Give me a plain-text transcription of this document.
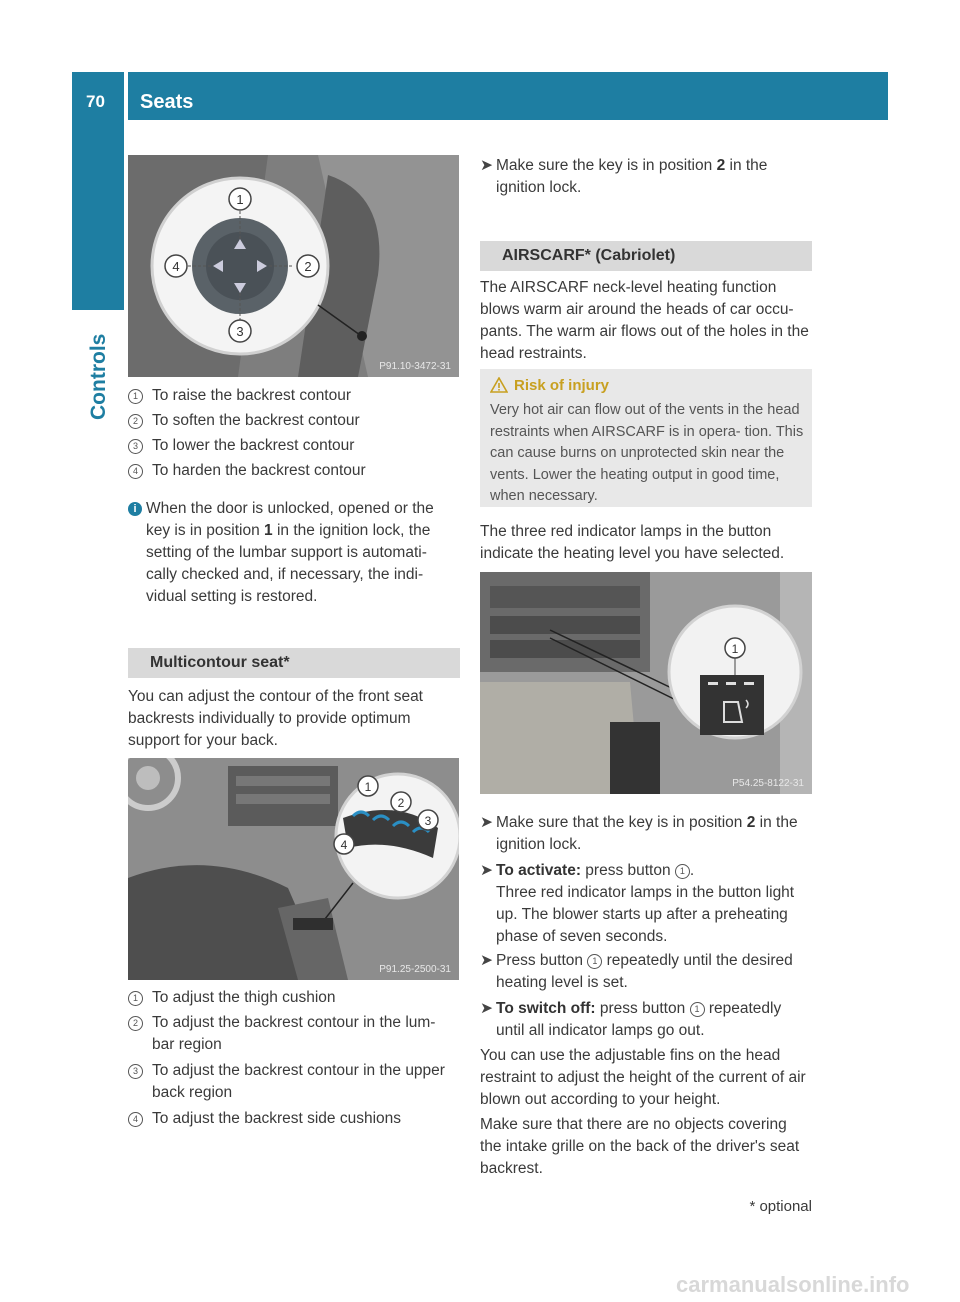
70 Seats
Controls
1
2
3
4
P91.10-3472-31
1 To raise the backrest contour
2 To soften the backrest contour
3 To lower the backrest contour
4 To harden the backrest contour
i When the door is unlocked, opened or the
key is in position 1 in the ignition lock, the
setting of the lumbar support is automati-
cally checked and, if necessary, the indi-
vidual setting is restored.
Multicontour seat*
You can adjust the contour of the front seat backrests individually to provide optimum support for your back.
1
2
3
4
P91.25-2500-31
1 To adjust the thigh cushion
2 To adjust the backrest contour in the lum- bar region
3 To adjust the backrest contour in the upper back region
4 To adjust the backrest side cushions
➤ Make sure the key is in position 2 in the ignition lock.
AIRSCARF* (Cabriolet)
The AIRSCARF neck-level heating function blows warm air around the heads of car occu- pants. The warm air flows out of the holes in the head restraints.
Risk of injury
Very hot air can flow out of the vents in the head restraints when AIRSCARF is in opera- tion. This can cause burns on unprotected skin near the vents. Lower the heating output in good time, when necessary.
The three red indicator lamps in the button indicate the heating level you have selected.
1
P54.25-8122-31
➤ Make sure that the key is in position 2 in the ignition lock.
➤ To activate: press button 1 .
Three red indicator lamps in the button light up. The blower starts up after a preheating phase of seven seconds.
➤ Press button 1 repeatedly until the desired heating level is set.
➤ To switch off: press button 1 repeatedly until all indicator lamps go out.
You can use the adjustable fins on the head restraint to adjust the height of the current of air blown out according to your height.
Make sure that there are no objects covering the intake grille on the back of the driver's seat backrest.
* optional
carmanualsonline.info
